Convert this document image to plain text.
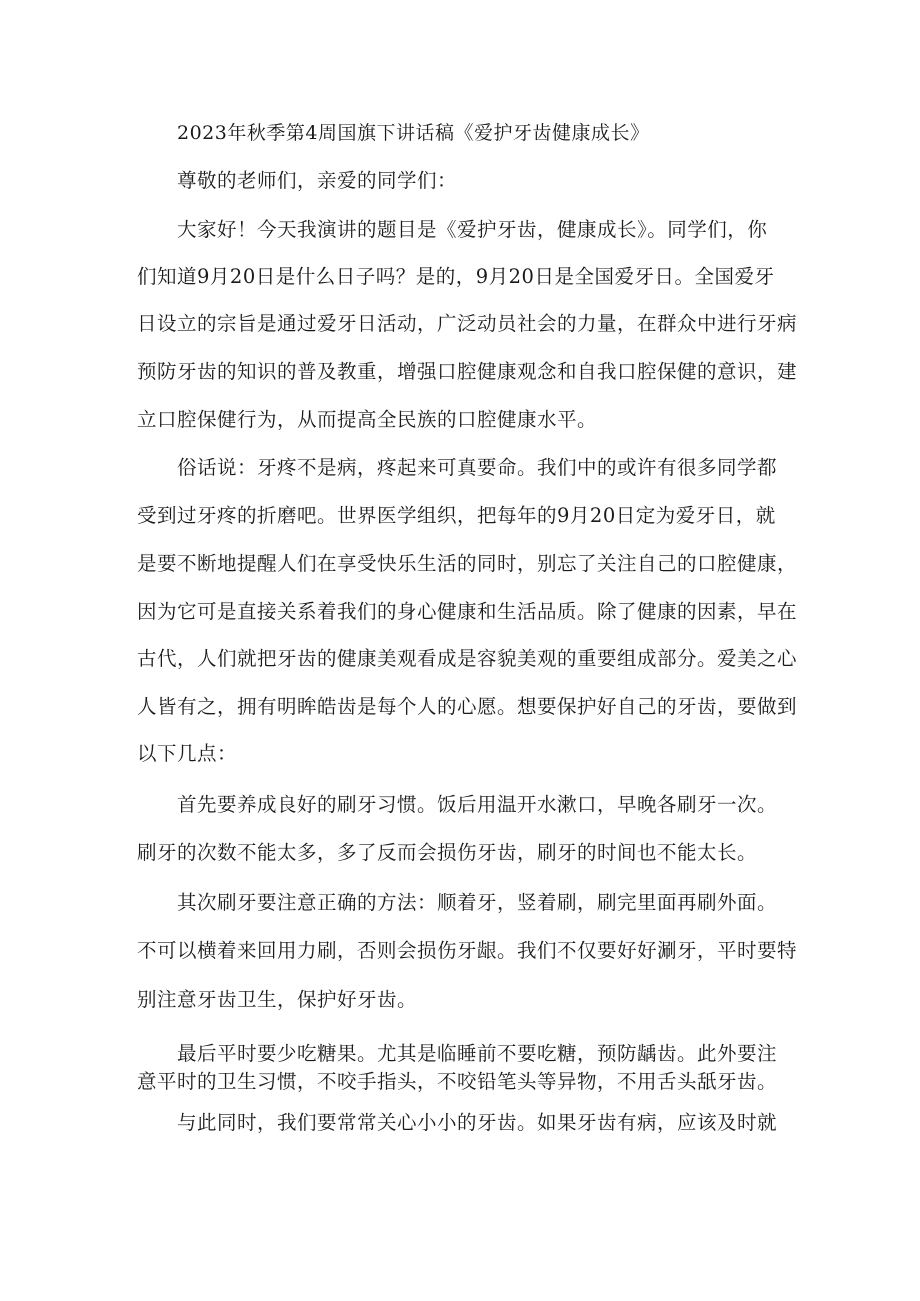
2023年秋季第4周国旗下讲话稿《爱护牙齿健康成长》
尊敬的老师们，亲爱的同学们：
大家好！今天我演讲的题目是《爱护牙齿，健康成长》。同学们，你
们知道9月20日是什么日子吗？是的，9月20日是全国爱牙日。全国爱牙
日设立的宗旨是通过爱牙日活动，广泛动员社会的力量，在群众中进行牙病
预防牙齿的知识的普及教重，增强口腔健康观念和自我口腔保健的意识，建
立口腔保健行为，从而提高全民族的口腔健康水平。
俗话说：牙疼不是病，疼起来可真要命。我们中的或许有很多同学都
受到过牙疼的折磨吧。世界医学组织，把每年的9月20日定为爱牙日，就
是要不断地提醒人们在享受快乐生活的同时，别忘了关注自己的口腔健康，
因为它可是直接关系着我们的身心健康和生活品质。除了健康的因素，早在
古代，人们就把牙齿的健康美观看成是容貌美观的重要组成部分。爱美之心
人皆有之，拥有明眸皓齿是每个人的心愿。想要保护好自己的牙齿，要做到
以下几点：
首先要养成良好的刷牙习惯。饭后用温开水漱口，早晚各刷牙一次。
刷牙的次数不能太多，多了反而会损伤牙齿，刷牙的时间也不能太长。
其次刷牙要注意正确的方法：顺着牙，竖着刷，刷完里面再刷外面。
不可以横着来回用力刷，否则会损伤牙龈。我们不仅要好好涮牙，平时要特
别注意牙齿卫生，保护好牙齿。
最后平时要少吃糖果。尤其是临睡前不要吃糖，预防龋齿。此外要注
意平时的卫生习惯，不咬手指头，不咬铅笔头等异物，不用舌头舐牙齿。
与此同时，我们要常常关心小小的牙齿。如果牙齿有病，应该及时就
